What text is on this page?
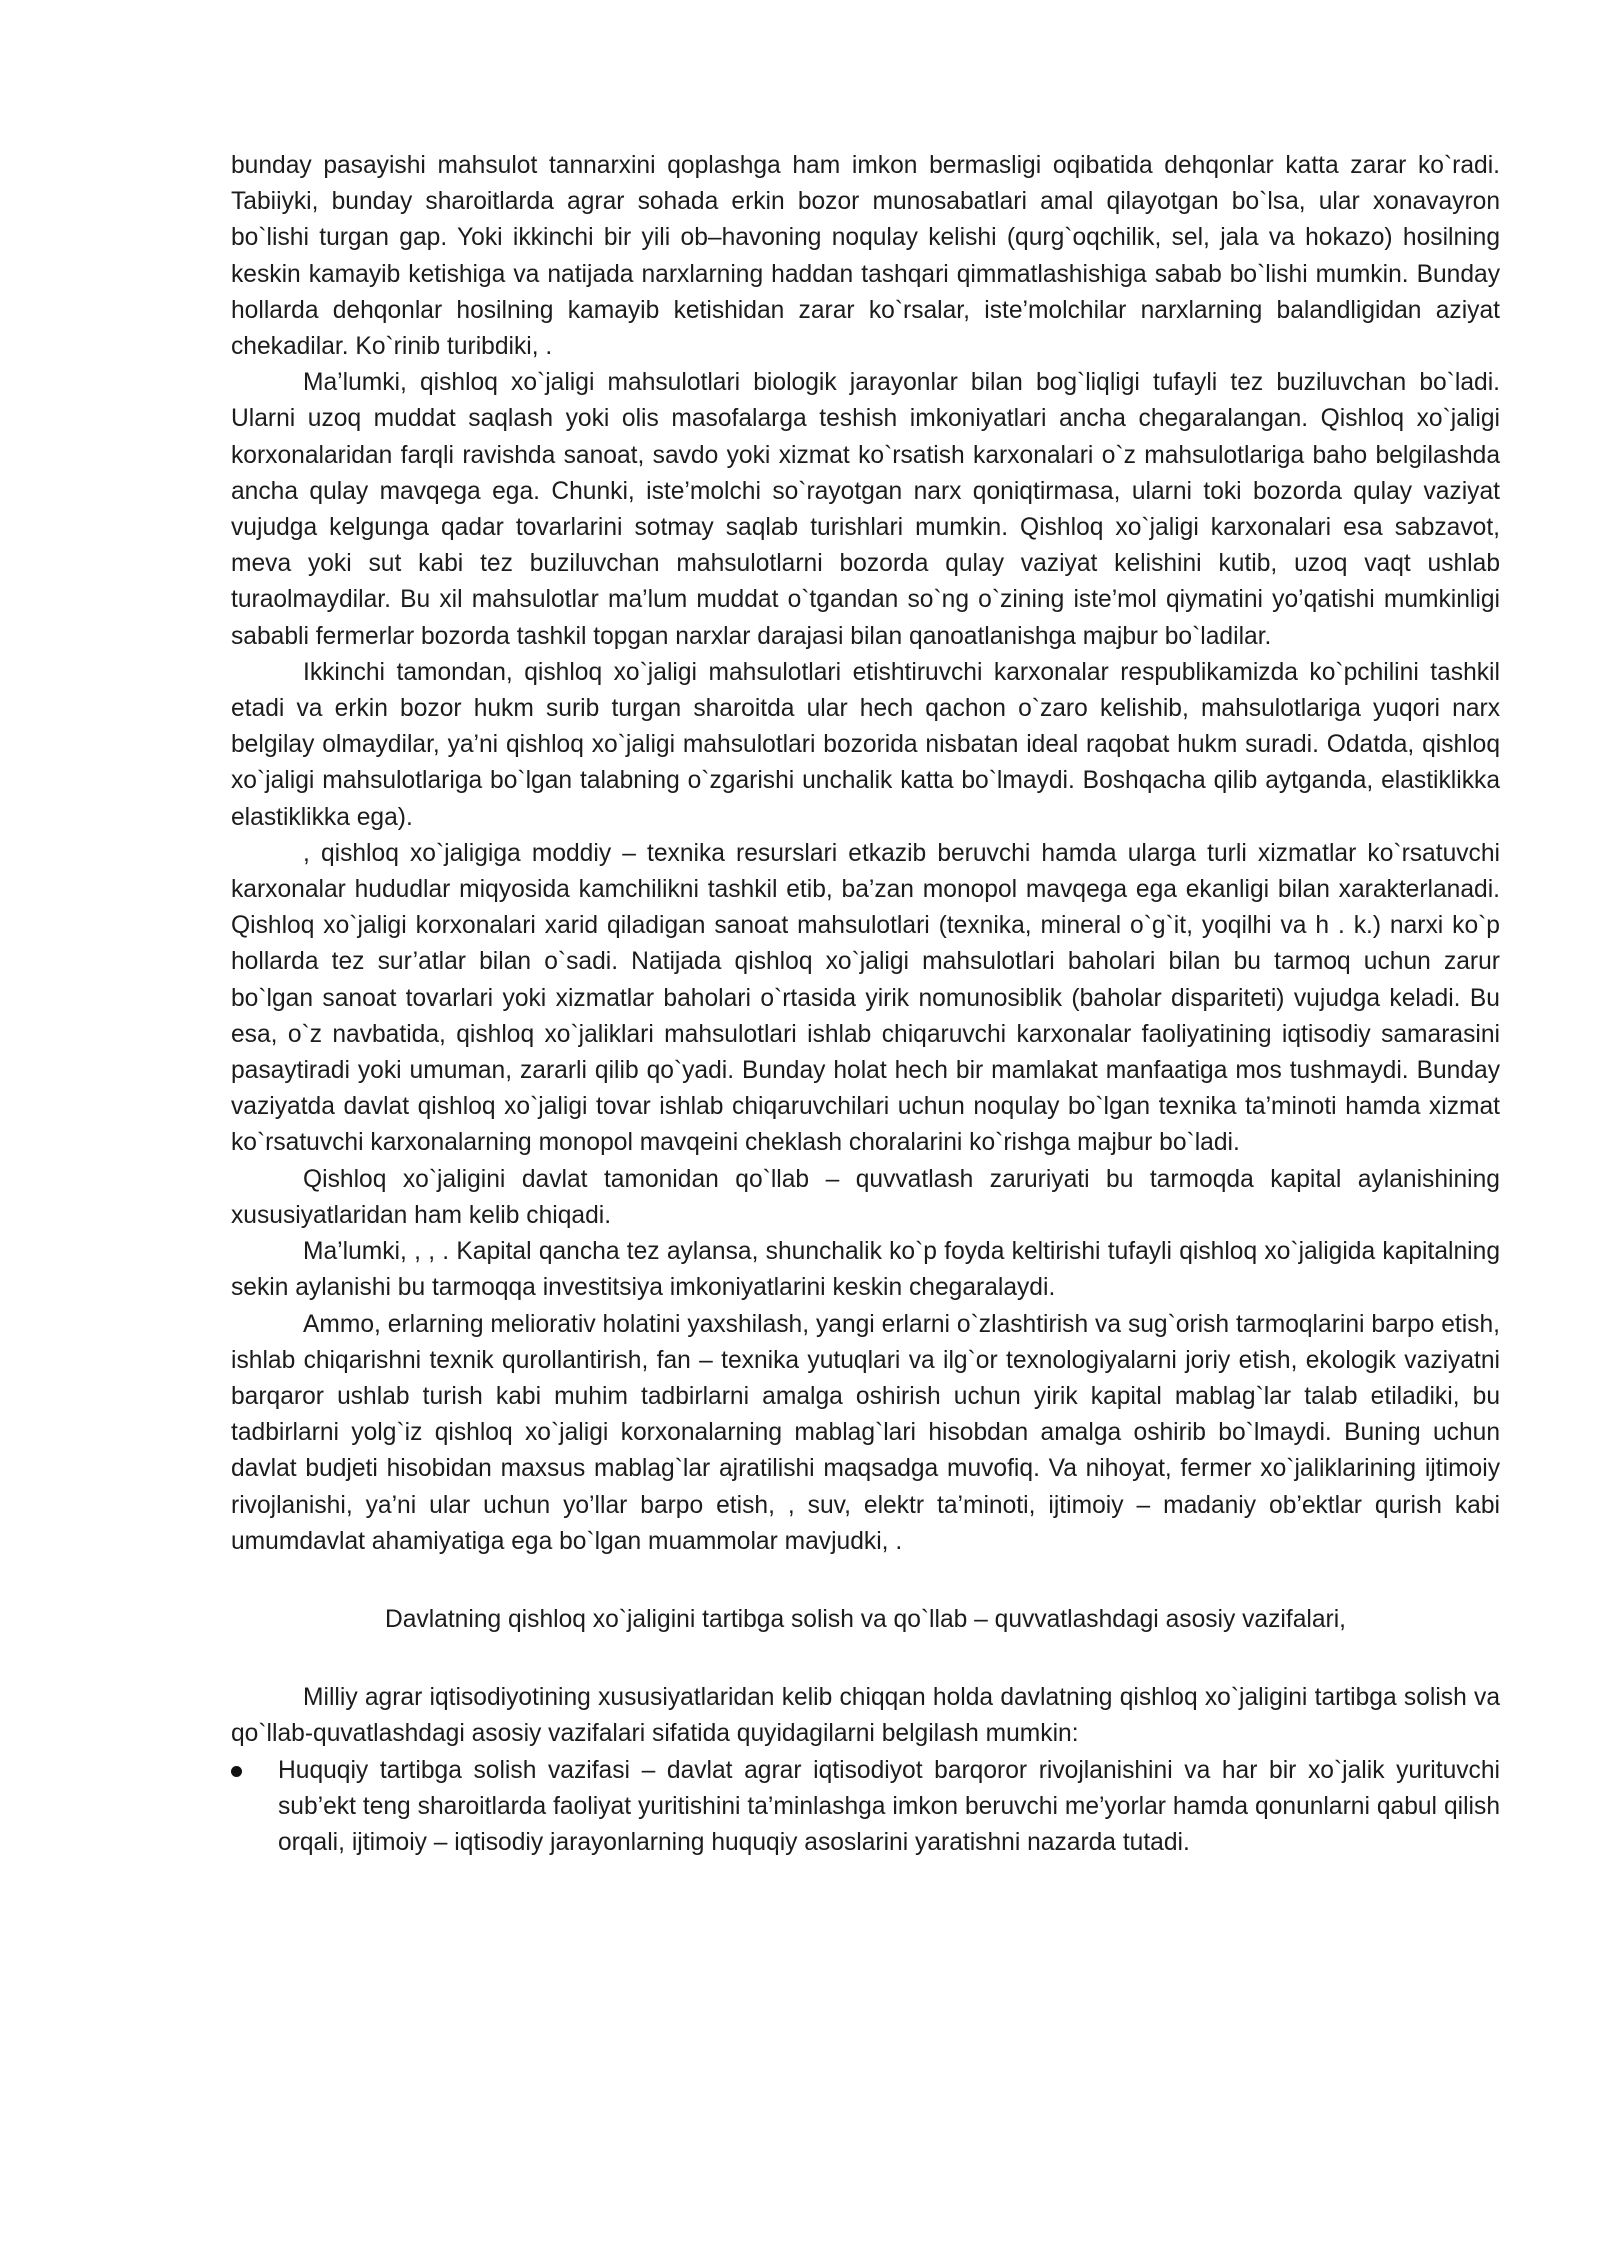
bunday pasayishi mahsulot tannarxini qoplashga ham imkon bermasligi oqibatida dehqonlar katta zarar ko`radi. Tabiiyki, bunday sharoitlarda agrar sohada erkin bozor munosabatlari amal qilayotgan bo`lsa, ular xonavayron bo`lishi turgan gap. Yoki ikkinchi bir yili ob–havoning noqulay kelishi (qurg`oqchilik, sel, jala va hokazo) hosilning keskin kamayib ketishiga va natijada narxlarning haddan tashqari qimmatlashishiga sabab bo`lishi mumkin. Bunday hollarda dehqonlar hosilning kamayib ketishidan zarar ko`rsalar, iste’molchilar narxlarning balandligidan aziyat chekadilar. Ko`rinib turibdiki, .

Ma’lumki, qishloq xo`jaligi mahsulotlari biologik jarayonlar bilan bog`liqligi tufayli tez buziluvchan bo`ladi. Ularni uzoq muddat saqlash yoki olis masofalarga teshish imkoniyatlari ancha chegaralangan. Qishloq xo`jaligi korxonalaridan farqli ravishda sanoat, savdo yoki xizmat ko`rsatish karxonalari o`z mahsulotlariga baho belgilashda ancha qulay mavqega ega. Chunki, iste’molchi so`rayotgan narx qoniqtirmasa, ularni toki bozorda qulay vaziyat vujudga kelgunga qadar tovarlarini sotmay saqlab turishlari mumkin. Qishloq xo`jaligi karxonalari esa sabzavot, meva yoki sut kabi tez buziluvchan mahsulotlarni bozorda qulay vaziyat kelishini kutib, uzoq vaqt ushlab turaolmaydilar. Bu xil mahsulotlar ma’lum muddat o`tgandan so`ng o`zining iste’mol qiymatini yo’qatishi mumkinligi sababli fermerlar bozorda tashkil topgan narxlar darajasi bilan qanoatlanishga majbur bo`ladilar.

Ikkinchi tamondan, qishloq xo`jaligi mahsulotlari etishtiruvchi karxonalar respublikamizda ko`pchilini tashkil etadi va erkin bozor hukm surib turgan sharoitda ular hech qachon o`zaro kelishib, mahsulotlariga yuqori narx belgilay olmaydilar, ya’ni qishloq xo`jaligi mahsulotlari bozorida nisbatan ideal raqobat hukm suradi. Odatda, qishloq xo`jaligi mahsulotlariga bo`lgan talabning o`zgarishi unchalik katta bo`lmaydi. Boshqacha qilib aytganda, elastiklikka elastiklikka ega).

, qishloq xo`jaligiga moddiy – texnika resurslari etkazib beruvchi hamda ularga turli xizmatlar ko`rsatuvchi karxonalar hududlar miqyosida kamchilikni tashkil etib, ba’zan monopol mavqega ega ekanligi bilan xarakterlanadi. Qishloq xo`jaligi korxonalari xarid qiladigan sanoat mahsulotlari (texnika, mineral o`g`it, yoqilhi va h . k.) narxi ko`p hollarda tez sur’atlar bilan o`sadi. Natijada qishloq xo`jaligi mahsulotlari baholari bilan bu tarmoq uchun zarur bo`lgan sanoat tovarlari yoki xizmatlar baholari o`rtasida yirik nomunosiblik (baholar dispariteti) vujudga keladi. Bu esa, o`z navbatida, qishloq xo`jaliklari mahsulotlari ishlab chiqaruvchi karxonalar faoliyatining iqtisodiy samarasini pasaytiradi yoki umuman, zararli qilib qo`yadi. Bunday holat hech bir mamlakat manfaatiga mos tushmaydi. Bunday vaziyatda davlat qishloq xo`jaligi tovar ishlab chiqaruvchilari uchun noqulay bo`lgan texnika ta’minoti hamda xizmat ko`rsatuvchi karxonalarning monopol mavqeini cheklash choralarini ko`rishga majbur bo`ladi.

Qishloq xo`jaligini davlat tamonidan qo`llab – quvvatlash zaruriyati bu tarmoqda kapital aylanishining xususiyatlaridan ham kelib chiqadi.

Ma’lumki, , , . Kapital qancha tez aylansa, shunchalik ko`p foyda keltirishi tufayli qishloq xo`jaligida kapitalning sekin aylanishi bu tarmoqqa investitsiya imkoniyatlarini keskin chegaralaydi.

Ammo, erlarning meliorativ holatini yaxshilash, yangi erlarni o`zlashtirish va sug`orish tarmoqlarini barpo etish, ishlab chiqarishni texnik qurollantirish, fan – texnika yutuqlari va ilg`or texnologiyalarni joriy etish, ekologik vaziyatni barqaror ushlab turish kabi muhim tadbirlarni amalga oshirish uchun yirik kapital mablag`lar talab etiladiki, bu tadbirlarni yolg`iz qishloq xo`jaligi korxonalarning mablag`lari hisobdan amalga oshirib bo`lmaydi. Buning uchun davlat budjeti hisobidan maxsus mablag`lar ajratilishi maqsadga muvofiq. Va nihoyat, fermer xo`jaliklarining ijtimoiy rivojlanishi, ya’ni ular uchun yo’llar barpo etish, , suv, elektr ta’minoti, ijtimoiy – madaniy ob’ektlar qurish kabi umumdavlat ahamiyatiga ega bo`lgan muammolar mavjudki, .

Davlatning qishloq xo`jaligini tartibga solish va qo`llab – quvvatlashdagi asosiy vazifalari,

Milliy agrar iqtisodiyotining xususiyatlaridan kelib chiqqan holda davlatning qishloq xo`jaligini tartibga solish va qo`llab-quvatlashdagi asosiy vazifalari sifatida quyidagilarni belgilash mumkin:

Huquqiy tartibga solish vazifasi – davlat agrar iqtisodiyot barqoror rivojlanishini va har bir xo`jalik yurituvchi sub’ekt teng sharoitlarda faoliyat yuritishini ta’minlashga imkon beruvchi me’yorlar hamda qonunlarni qabul qilish orqali, ijtimoiy – iqtisodiy jarayonlarning huquqiy asoslarini yaratishni nazarda tutadi.
